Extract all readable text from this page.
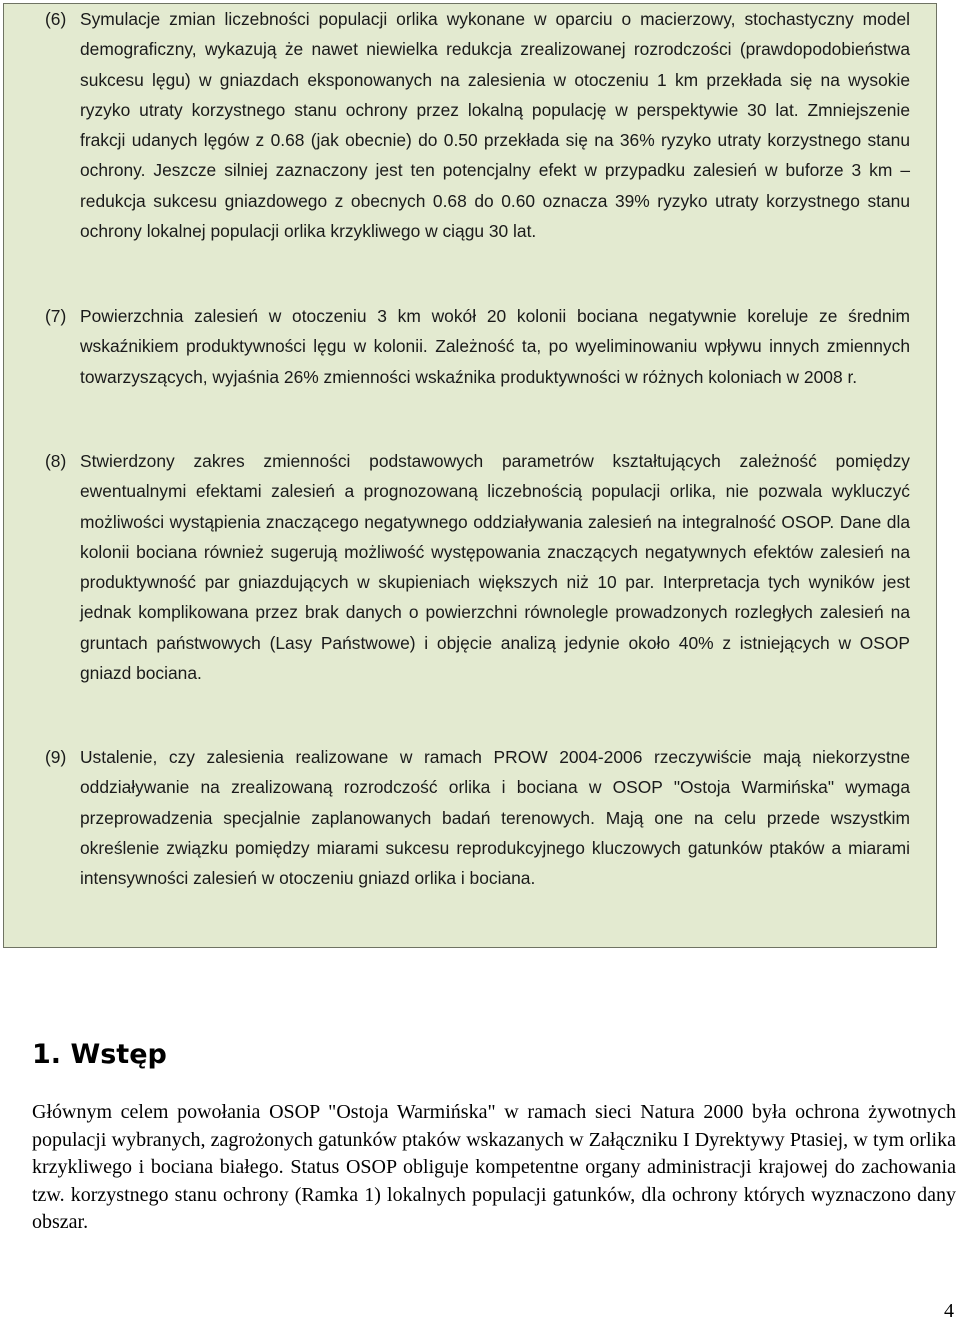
(6) Symulacje zmian liczebności populacji orlika wykonane w oparciu o macierzowy, stochastyczny model demograficzny, wykazują że nawet niewielka redukcja zrealizowanej rozrodczości (prawdopodobieństwa sukcesu lęgu) w gniazdach eksponowanych na zalesienia w otoczeniu 1 km przekłada się na wysokie ryzyko utraty korzystnego stanu ochrony przez lokalną populację w perspektywie 30 lat. Zmniejszenie frakcji udanych lęgów z 0.68 (jak obecnie) do 0.50 przekłada się na 36% ryzyko utraty korzystnego stanu ochrony. Jeszcze silniej zaznaczony jest ten potencjalny efekt w przypadku zalesień w buforze 3 km – redukcja sukcesu gniazdowego z obecnych 0.68 do 0.60 oznacza 39% ryzyko utraty korzystnego stanu ochrony lokalnej populacji orlika krzykliwego w ciągu 30 lat.
(7) Powierzchnia zalesień w otoczeniu 3 km wokół 20 kolonii bociana negatywnie koreluje ze średnim wskaźnikiem produktywności lęgu w kolonii. Zależność ta, po wyeliminowaniu wpływu innych zmiennych towarzyszących, wyjaśnia 26% zmienności wskaźnika produktywności w różnych koloniach w 2008 r.
(8) Stwierdzony zakres zmienności podstawowych parametrów kształtujących zależność pomiędzy ewentualnymi efektami zalesień a prognozowaną liczebnością populacji orlika, nie pozwala wykluczyć możliwości wystąpienia znaczącego negatywnego oddziaływania zalesień na integralność OSOP. Dane dla kolonii bociana również sugerują możliwość występowania znaczących negatywnych efektów zalesień na produktywność par gniazdujących w skupieniach większych niż 10 par. Interpretacja tych wyników jest jednak komplikowana przez brak danych o powierzchni równolegle prowadzonych rozległych zalesień na gruntach państwowych (Lasy Państwowe) i objęcie analizą jedynie około 40% z istniejących w OSOP gniazd bociana.
(9) Ustalenie, czy zalesienia realizowane w ramach PROW 2004-2006 rzeczywiście mają niekorzystne oddziaływanie na zrealizowaną rozrodczość orlika i bociana w OSOP "Ostoja Warmińska" wymaga przeprowadzenia specjalnie zaplanowanych badań terenowych. Mają one na celu przede wszystkim określenie związku pomiędzy miarami sukcesu reprodukcyjnego kluczowych gatunków ptaków a miarami intensywności zalesień w otoczeniu gniazd orlika i bociana.
1. Wstęp

Głównym celem powołania OSOP "Ostoja Warmińska" w ramach sieci Natura 2000 była ochrona żywotnych populacji wybranych, zagrożonych gatunków ptaków wskazanych w Załączniku I Dyrektywy Ptasiej, w tym orlika krzykliwego i bociana białego. Status OSOP obliguje kompetentne organy administracji krajowej do zachowania tzw. korzystnego stanu ochrony (Ramka 1) lokalnych populacji gatunków, dla ochrony których wyznaczono dany obszar.

4
